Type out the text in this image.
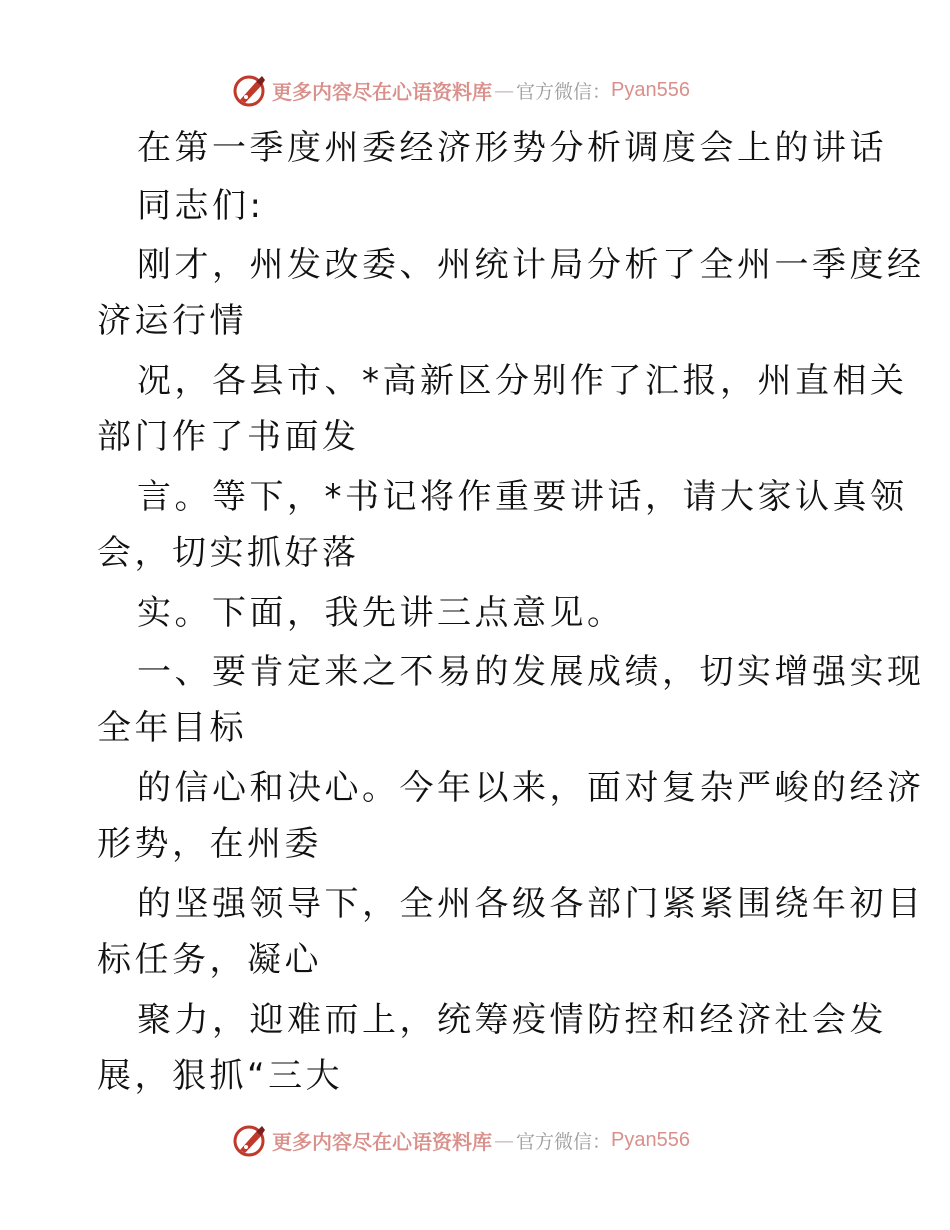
更多内容尽在心语资料库 — 官方微信： Pyan556
在第一季度州委经济形势分析调度会上的讲话
同志们:
刚才，州发改委、州统计局分析了全州一季度经
济运行情
况，各县市、*高新区分别作了汇报，州直相关
部门作了书面发
言。等下，*书记将作重要讲话，请大家认真领
会，切实抓好落
实。下面，我先讲三点意见。
一、要肯定来之不易的发展成绩，切实增强实现
全年目标
的信心和决心。今年以来，面对复杂严峻的经济
形势，在州委
的坚强领导下，全州各级各部门紧紧围绕年初目
标任务，凝心
聚力，迎难而上，统筹疫情防控和经济社会发
展，狠抓“三大
更多内容尽在心语资料库 — 官方微信： Pyan556
